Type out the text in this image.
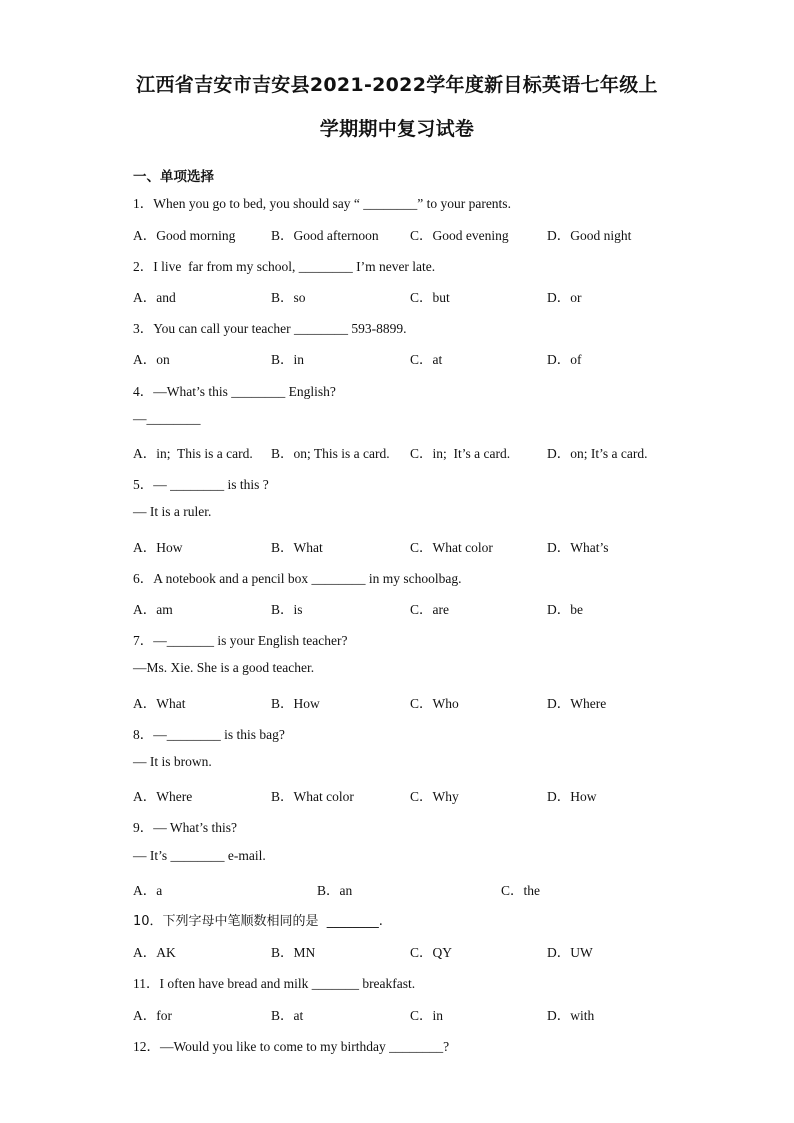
江西省吉安市吉安县2021-2022学年度新目标英语七年级上
学期期中复习试卷
一、单项选择
1．When you go to bed, you should say “ ________” to your parents.
A．Good morning	B．Good afternoon C．Good evening	D．Good night
2．I live  far from my school, ________ I’m never late.
A．and	B．so	C．but	D．or
3．You can call your teacher ________ 593-8899.
A．on	B．in	C．at	D．of
4．—What’s this ________ English?
—________
A．in;  This is a card. B．on; This is a card. C．in;  It’s a card.	D．on; It’s a card.
5．— ________ is this ?
— It is a ruler.
A．How	B．What	C．What color	D．What’s
6．A notebook and a pencil box ________ in my schoolbag.
A．am	B．is	C．are	D．be
7．—_______ is your English teacher?
—Ms. Xie. She is a good teacher.
A．What	B．How	C．Who	D．Where
8．—________ is this bag?
— It is brown.
A．Where	B．What color	C．Why	D．How
9．— What’s this?
— It’s ________ e-mail.
A．a	B．an	C．the
10．下列字母中笔顺数相同的是  ________.
A．AK	B．MN	C．QY	D．UW
11．I often have bread and milk _______ breakfast.
A．for	B．at	C．in	D．with
12．—Would you like to come to my birthday ________?
